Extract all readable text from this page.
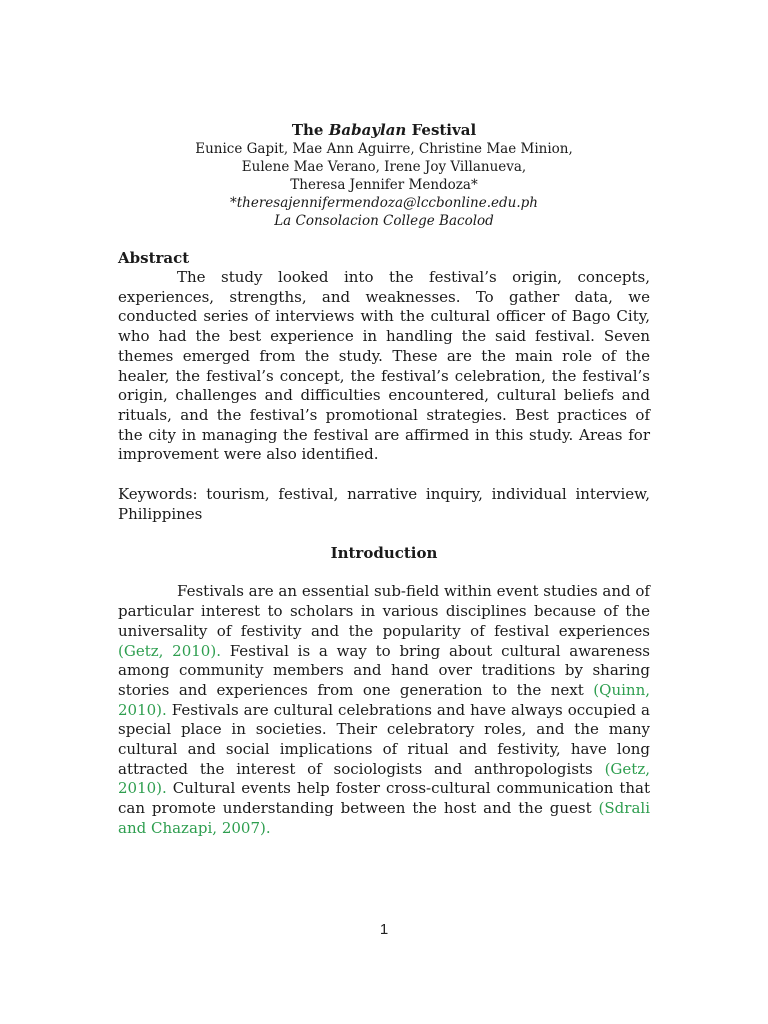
The Babaylan Festival

Eunice Gapit, Mae Ann Aguirre, Christine Mae Minion,
Eulene Mae Verano, Irene Joy Villanueva,
Theresa Jennifer Mendoza*
*theresajennifermendoza@lccbonline.edu.ph
La Consolacion College Bacolod

Abstract

The study looked into the festival’s origin, concepts, experiences, strengths, and weaknesses. To gather data, we conducted series of interviews with the cultural officer of Bago City, who had the best experience in handling the said festival. Seven themes emerged from the study. These are the main role of the healer, the festival’s concept, the festival’s celebration, the festival’s origin, challenges and difficulties encountered, cultural beliefs and rituals, and the festival’s promotional strategies. Best practices of the city in managing the festival are affirmed in this study. Areas for improvement were also identified.

Keywords: tourism, festival, narrative inquiry, individual interview, Philippines

Introduction

Festivals are an essential sub-field within event studies and of particular interest to scholars in various disciplines because of the universality of festivity and the popularity of festival experiences (Getz, 2010). Festival is a way to bring about cultural awareness among community members and hand over traditions by sharing stories and experiences from one generation to the next (Quinn, 2010). Festivals are cultural celebrations and have always occupied a special place in societies. Their celebratory roles, and the many cultural and social implications of ritual and festivity, have long attracted the interest of sociologists and anthropologists (Getz, 2010). Cultural events help foster cross-cultural communication that can promote understanding between the host and the guest (Sdrali and Chazapi, 2007).

1
